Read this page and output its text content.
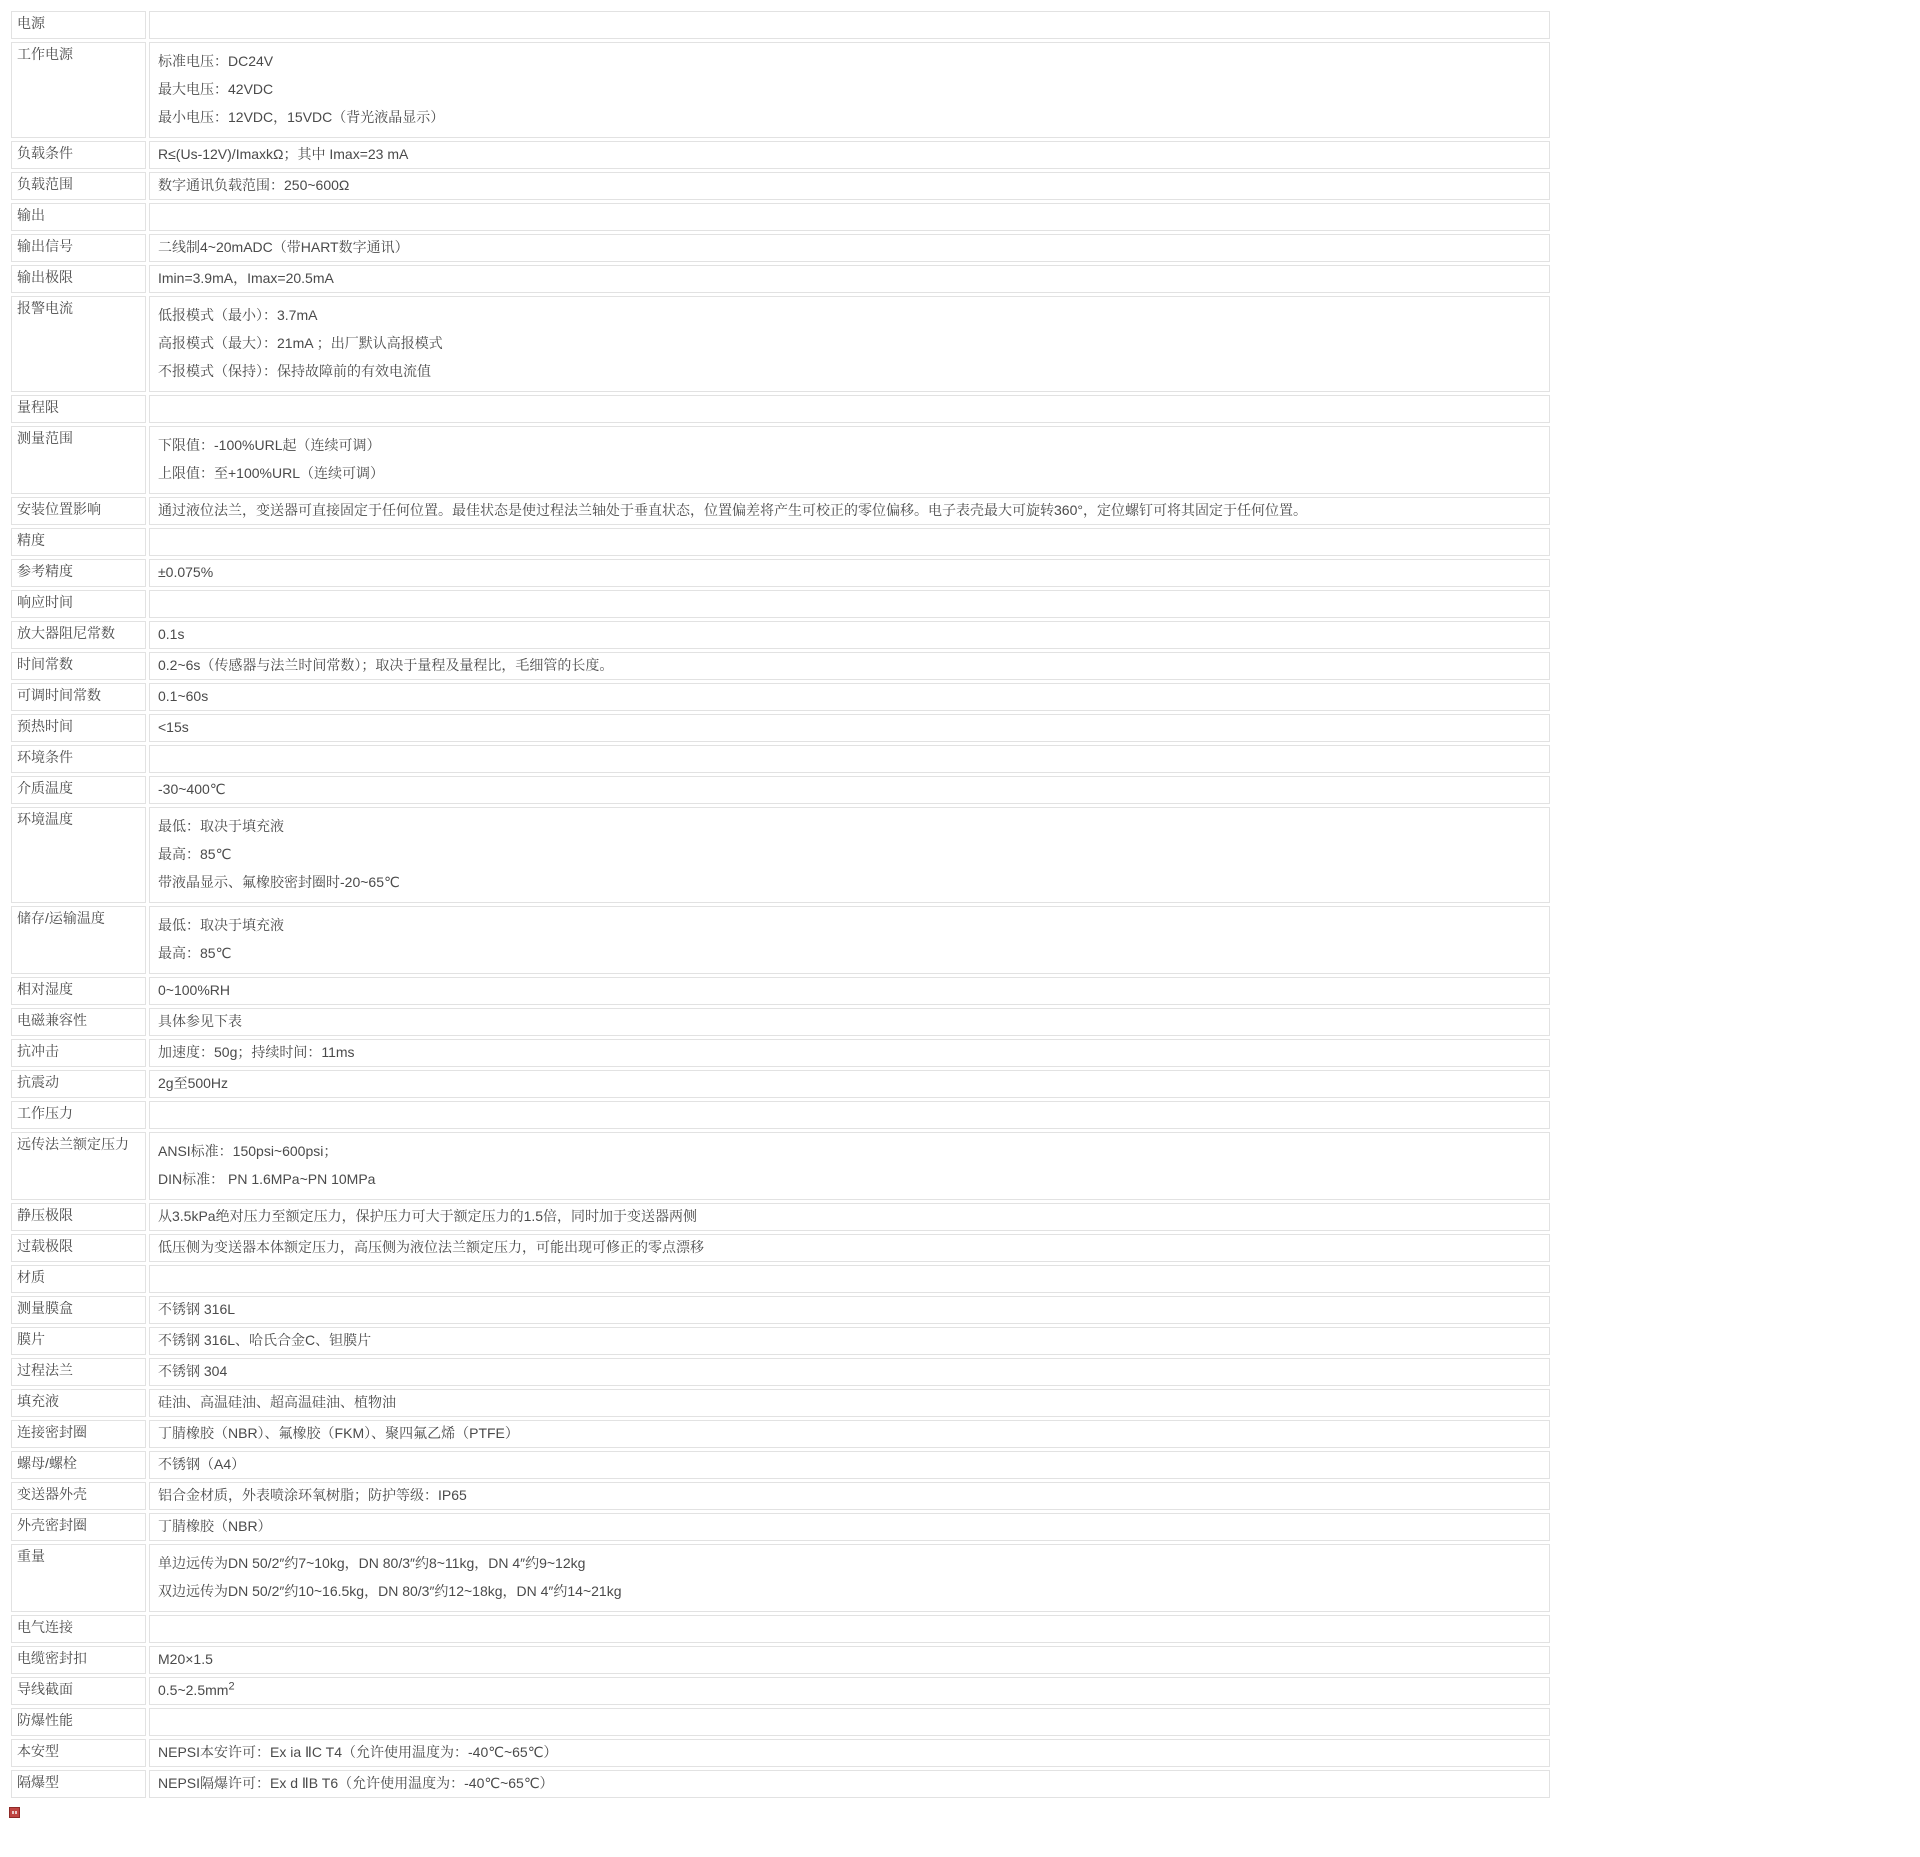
电源	
工作电源	标准电压：DC24V

最大电压：42VDC

最小电压：12VDC，15VDC（背光液晶显示）

负载条件	R≤(Us-12V)/ImaxkΩ；其中 Imax=23 mA

负载范围	数字通讯负载范围：250~600Ω

输出	
输出信号	二线制4~20mADC（带HART数字通讯）

输出极限	Imin=3.9mA，Imax=20.5mA

报警电流	低报模式（最小）：3.7mA

高报模式（最大）：21mA ；出厂默认高报模式

不报模式（保持）：保持故障前的有效电流值

量程限	
测量范围	下限值：-100%URL起（连续可调）

上限值：至+100%URL（连续可调）

安装位置影响	通过液位法兰，变送器可直接固定于任何位置。最佳状态是使过程法兰轴处于垂直状态，位置偏差将产生可校正的零位偏移。电子表壳最大可旋转360°，定位螺钉可将其固定于任何位置。

精度	
参考精度	±0.075%

响应时间	
放大器阻尼常数	0.1s

时间常数	0.2~6s（传感器与法兰时间常数）；取决于量程及量程比，毛细管的长度。

可调时间常数	0.1~60s

预热时间	<15s

环境条件	
介质温度	-30~400℃

环境温度	最低：取决于填充液

最高：85℃

带液晶显示、氟橡胶密封圈时-20~65℃

储存/运输温度	最低：取决于填充液

最高：85℃

相对湿度	0~100%RH

电磁兼容性	具体参见下表

抗冲击	加速度：50g；持续时间：11ms

抗震动	2g至500Hz

工作压力	
远传法兰额定压力	ANSI标准：150psi~600psi；

DIN标准： PN 1.6MPa~PN 10MPa

静压极限	从3.5kPa绝对压力至额定压力，保护压力可大于额定压力的1.5倍，同时加于变送器两侧

过载极限	低压侧为变送器本体额定压力，高压侧为液位法兰额定压力，可能出现可修正的零点漂移

材质	
测量膜盒	不锈钢 316L

膜片	不锈钢 316L、哈氏合金C、钽膜片

过程法兰	不锈钢 304

填充液	硅油、高温硅油、超高温硅油、植物油

连接密封圈	丁腈橡胶（NBR）、氟橡胶（FKM）、聚四氟乙烯（PTFE）

螺母/螺栓	不锈钢（A4）

变送器外壳	铝合金材质，外表喷涂环氧树脂；防护等级：IP65

外壳密封圈	丁腈橡胶（NBR）

重量	单边远传为DN 50/2″约7~10kg，DN 80/3″约8~11kg，DN 4″约9~12kg

双边远传为DN 50/2″约10~16.5kg，DN 80/3″约12~18kg，DN 4″约14~21kg

电气连接	
电缆密封扣	M20×1.5

导线截面	$0.5\sim 2.5mm^2$

防爆性能	
本安型	NEPSI本安许可：Ex ia ⅡC T4（允许使用温度为：-40℃~65℃）

隔爆型	NEPSI隔爆许可：Ex d ⅡB T6（允许使用温度为：-40℃~65℃）
